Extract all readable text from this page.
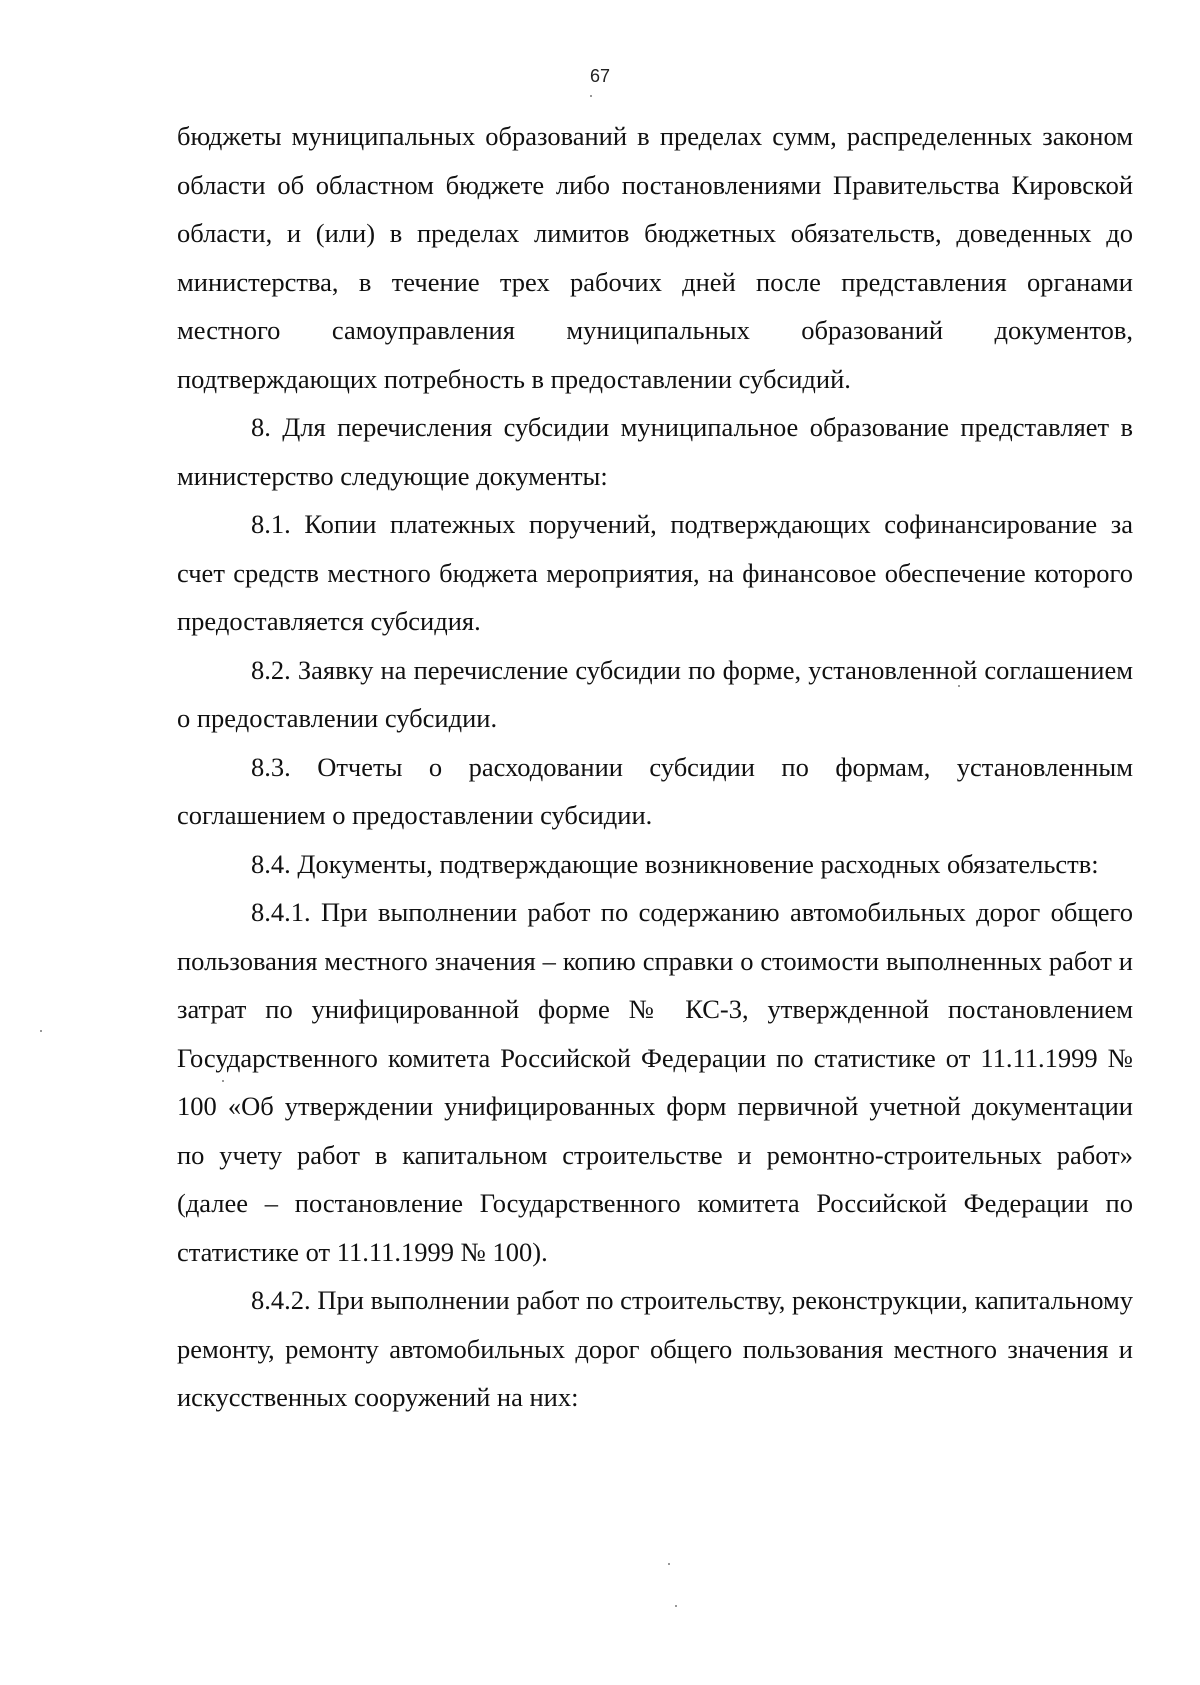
67

бюджеты муниципальных образований в пределах сумм, распределенных законом области об областном бюджете либо постановлениями Правительства Кировской области, и (или) в пределах лимитов бюджетных обязательств, доведенных до министерства, в течение трех рабочих дней после представления органами местного самоуправления муниципальных образований документов, подтверждающих потребность в предоставлении субсидий.

8. Для перечисления субсидии муниципальное образование представляет в министерство следующие документы:

8.1. Копии платежных поручений, подтверждающих софинансирование за счет средств местного бюджета мероприятия, на финансовое обеспечение которого предоставляется субсидия.

8.2. Заявку на перечисление субсидии по форме, установленной соглашением о предоставлении субсидии.

8.3. Отчеты о расходовании субсидии по формам, установленным соглашением о предоставлении субсидии.

8.4. Документы, подтверждающие возникновение расходных обязательств:

8.4.1. При выполнении работ по содержанию автомобильных дорог общего пользования местного значения – копию справки о стоимости выполненных работ и затрат по унифицированной форме № КС-3, утвержденной постановлением Государственного комитета Российской Федерации по статистике от 11.11.1999 № 100 «Об утверждении унифицированных форм первичной учетной документации по учету работ в капитальном строительстве и ремонтно-строительных работ» (далее – постановление Государственного комитета Российской Федерации по статистике от 11.11.1999 № 100).

8.4.2. При выполнении работ по строительству, реконструкции, капитальному ремонту, ремонту автомобильных дорог общего пользования местного значения и искусственных сооружений на них:
